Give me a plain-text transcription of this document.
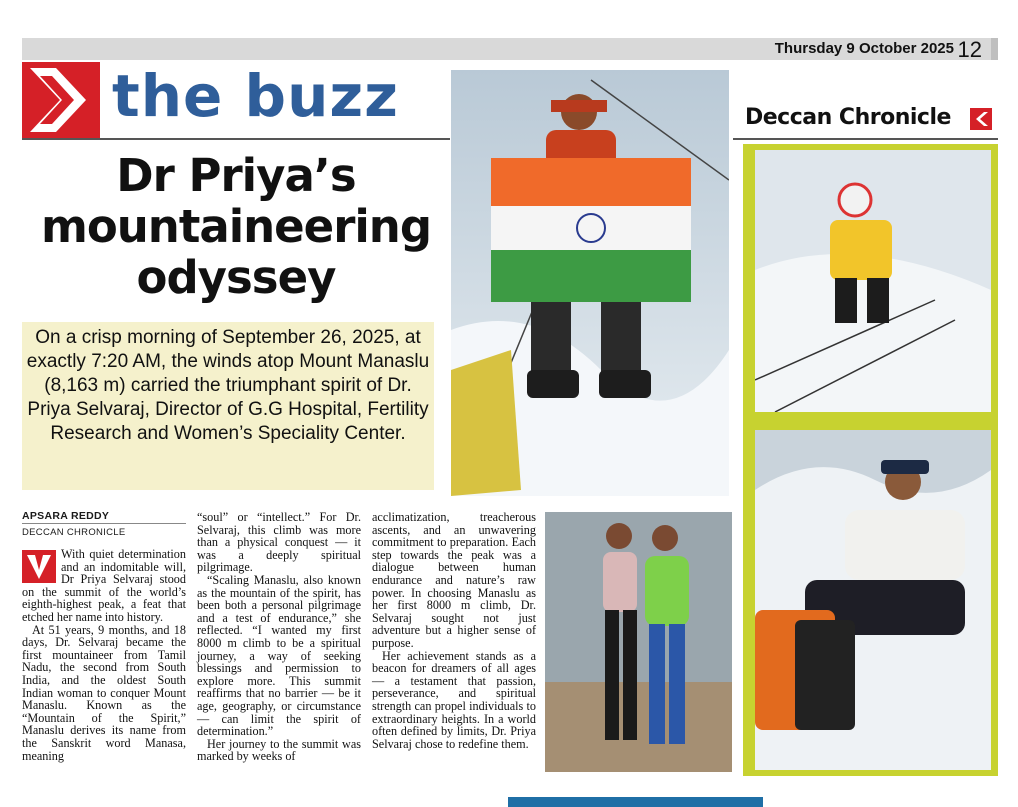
Thursday 9 October 2025 12
the buzz
Dr Priya’s mountaineering odyssey
On a crisp morning of September 26, 2025, at exactly 7:20 AM, the winds atop Mount Manaslu (8,163 m) carried the triumphant spirit of Dr. Priya Selvaraj, Director of G.G Hospital, Fertility Research and Women’s Speciality Center.
Deccan Chronicle
APSARA REDDY
DECCAN CHRONICLE

With quiet determination and an indomitable will, Dr Priya Selvaraj stood on the summit of the world’s eighth-highest peak, a feat that etched her name into history.

At 51 years, 9 months, and 18 days, Dr. Selvaraj became the first mountaineer from Tamil Nadu, the second from South India, and the oldest South Indian woman to conquer Mount Manaslu. Known as the “Mountain of the Spirit,” Manaslu derives its name from the Sanskrit word Manasa, meaning

“soul” or “intellect.” For Dr. Selvaraj, this climb was more than a physical conquest — it was a deeply spiritual pilgrimage.

“Scaling Manaslu, also known as the mountain of the spirit, has been both a personal pilgrimage and a test of endurance,” she reflected. “I wanted my first 8000 m climb to be a spiritual journey, a way of seeking blessings and permission to explore more. This summit reaffirms that no barrier — be it age, geography, or circumstance — can limit the spirit of determination.”

Her journey to the summit was marked by weeks of

acclimatization, treacherous ascents, and an unwavering commitment to preparation. Each step towards the peak was a dialogue between human endurance and nature’s raw power. In choosing Manaslu as her first 8000 m climb, Dr. Selvaraj sought not just adventure but a higher sense of purpose.

Her achievement stands as a beacon for dreamers of all ages — a testament that passion, perseverance, and spiritual strength can propel individuals to extraordinary heights. In a world often defined by limits, Dr. Priya Selvaraj chose to redefine them.
